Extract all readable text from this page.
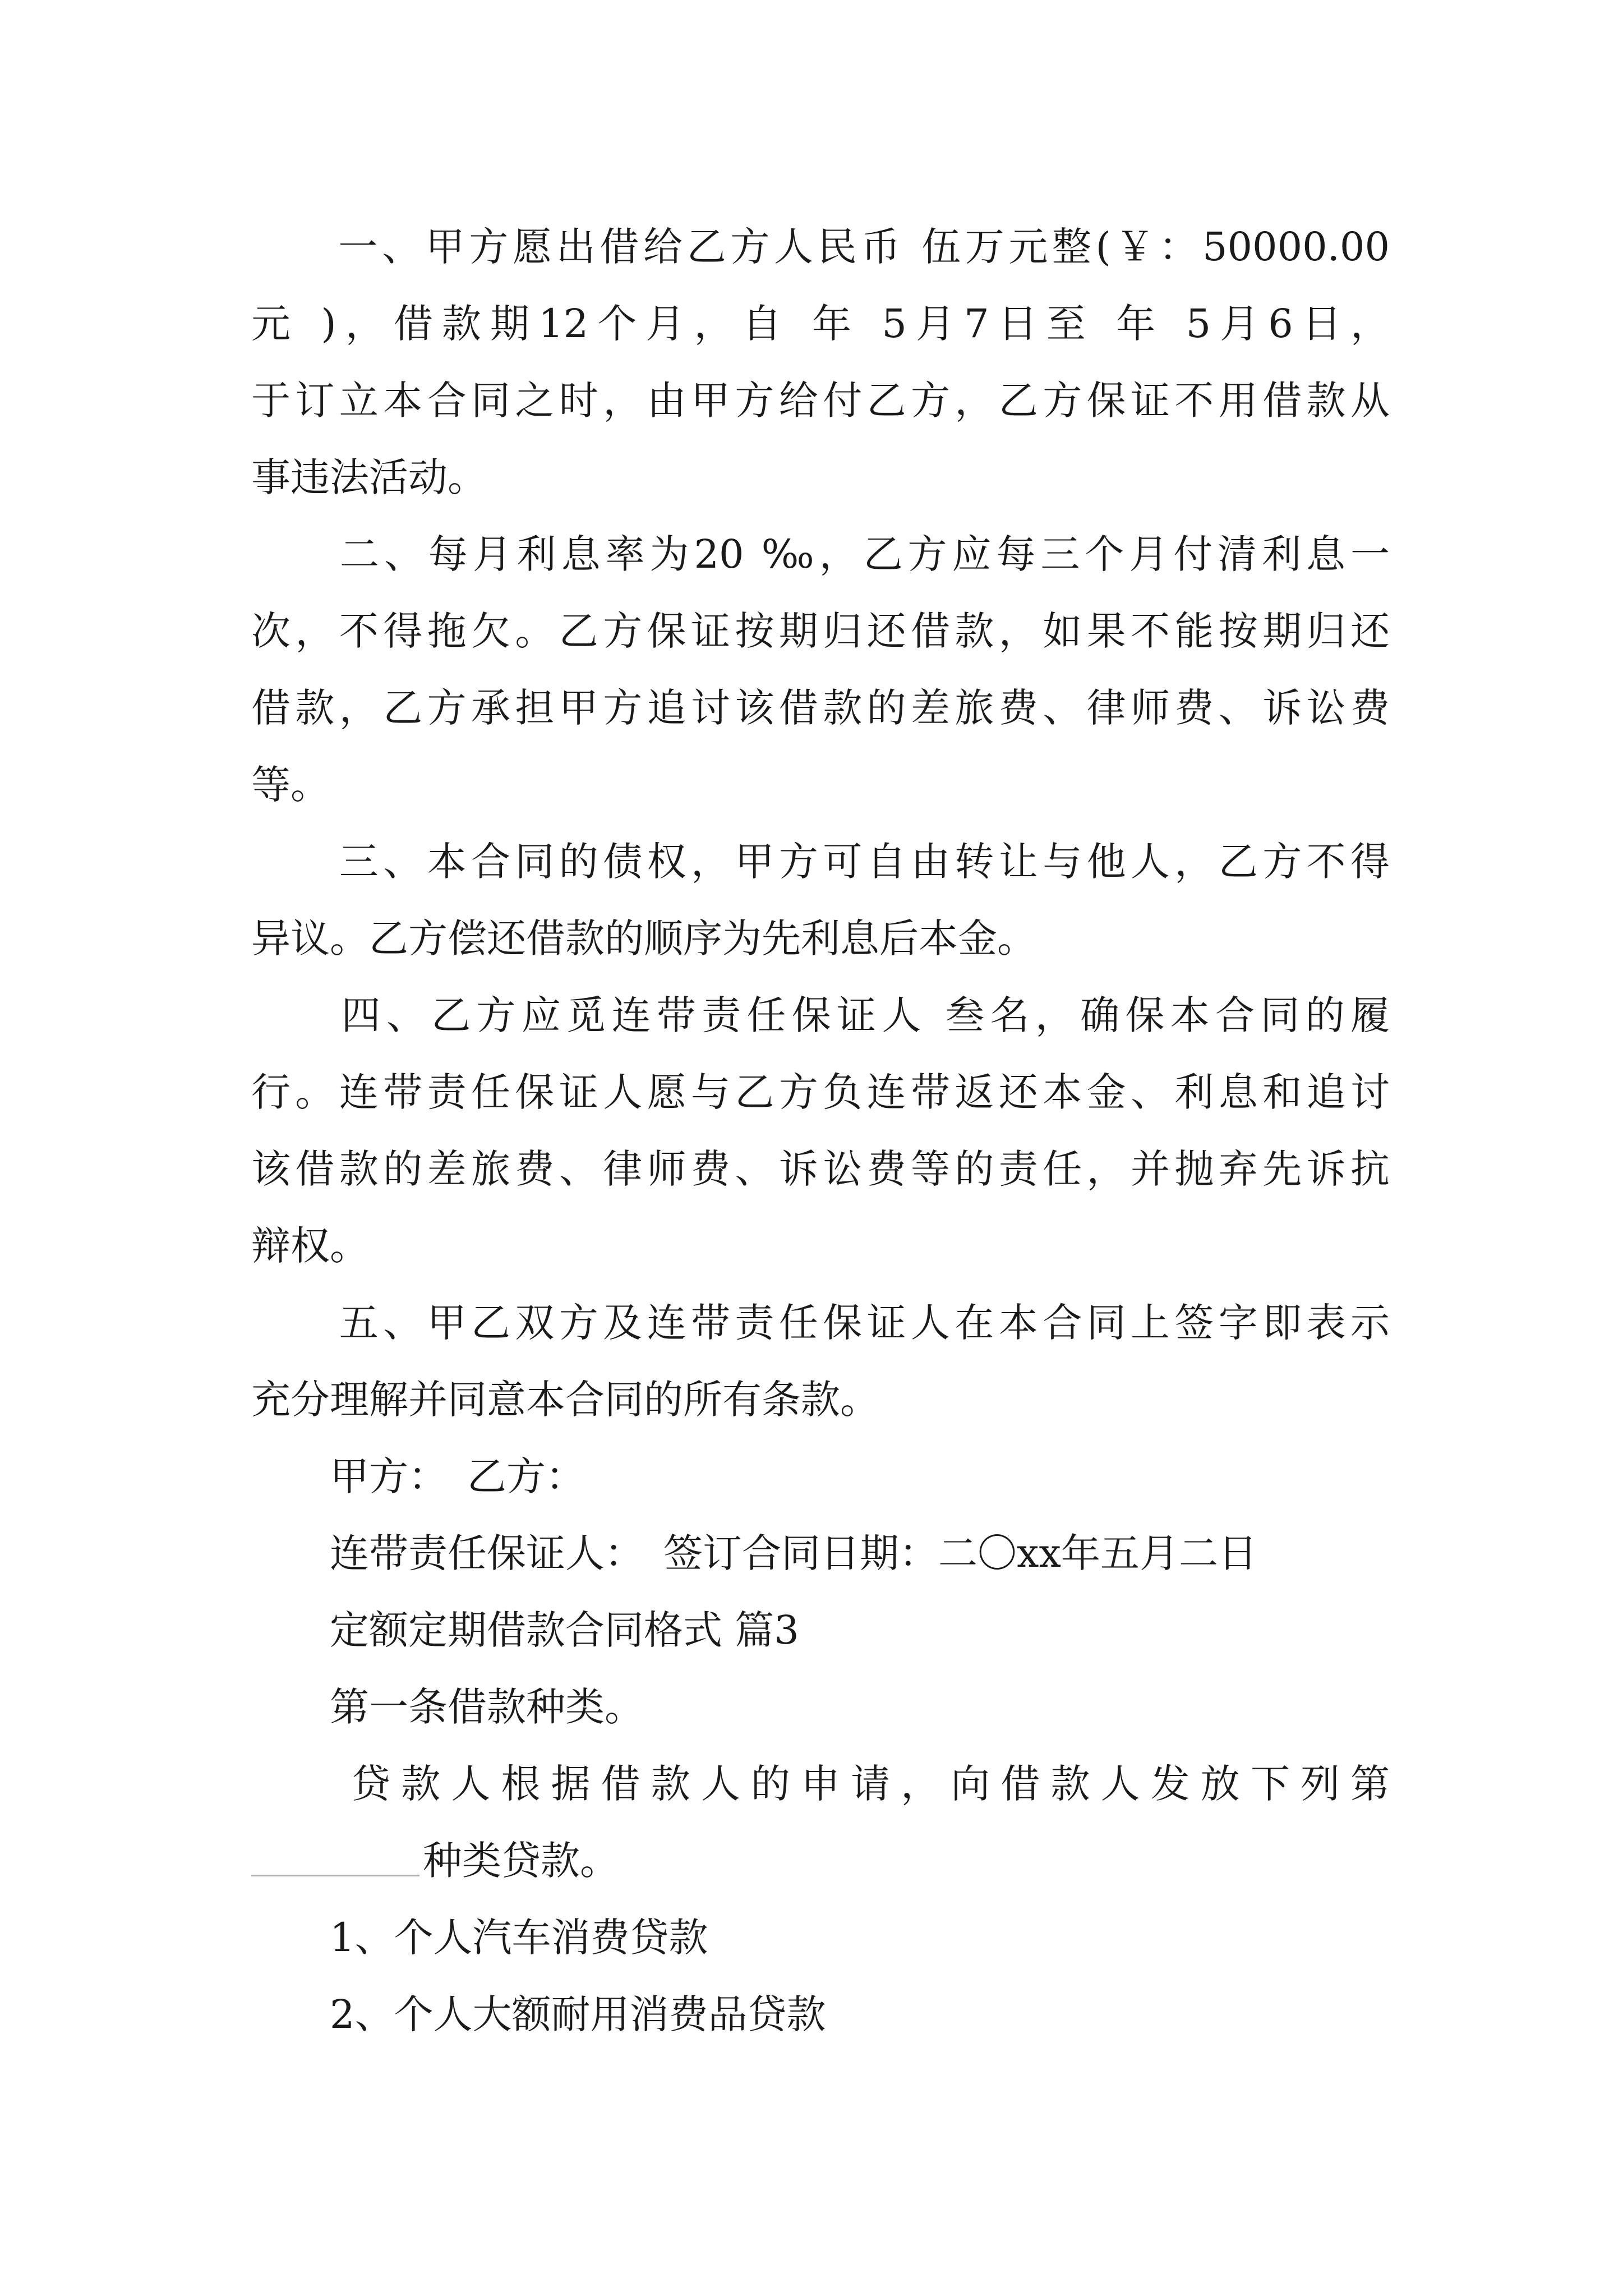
　　一、甲方愿出借给乙方人民币 伍万元整(￥：50000.00
元 )，借款期12个月，自 年 5月7日至 年 5月6日，
于订立本合同之时，由甲方给付乙方，乙方保证不用借款从
事违法活动。
　　二、每月利息率为20 ‰，乙方应每三个月付清利息一
次，不得拖欠。乙方保证按期归还借款，如果不能按期归还
借款，乙方承担甲方追讨该借款的差旅费、律师费、诉讼费
等。
　　三、本合同的债权，甲方可自由转让与他人，乙方不得
异议。乙方偿还借款的顺序为先利息后本金。
　　四、乙方应觅连带责任保证人 叁名，确保本合同的履
行。连带责任保证人愿与乙方负连带返还本金、利息和追讨
该借款的差旅费、律师费、诉讼费等的责任，并抛弃先诉抗
辩权。
　　五、甲乙双方及连带责任保证人在本合同上签字即表示
充分理解并同意本合同的所有条款。
　　甲方：　乙方：
　　连带责任保证人：　签订合同日期：二〇xx年五月二日
　　定额定期借款合同格式 篇3
　　第一条借款种类。
　　贷款人根据借款人的申请，向借款人发放下列第
种类贷款。
　　1、个人汽车消费贷款
　　2、个人大额耐用消费品贷款
